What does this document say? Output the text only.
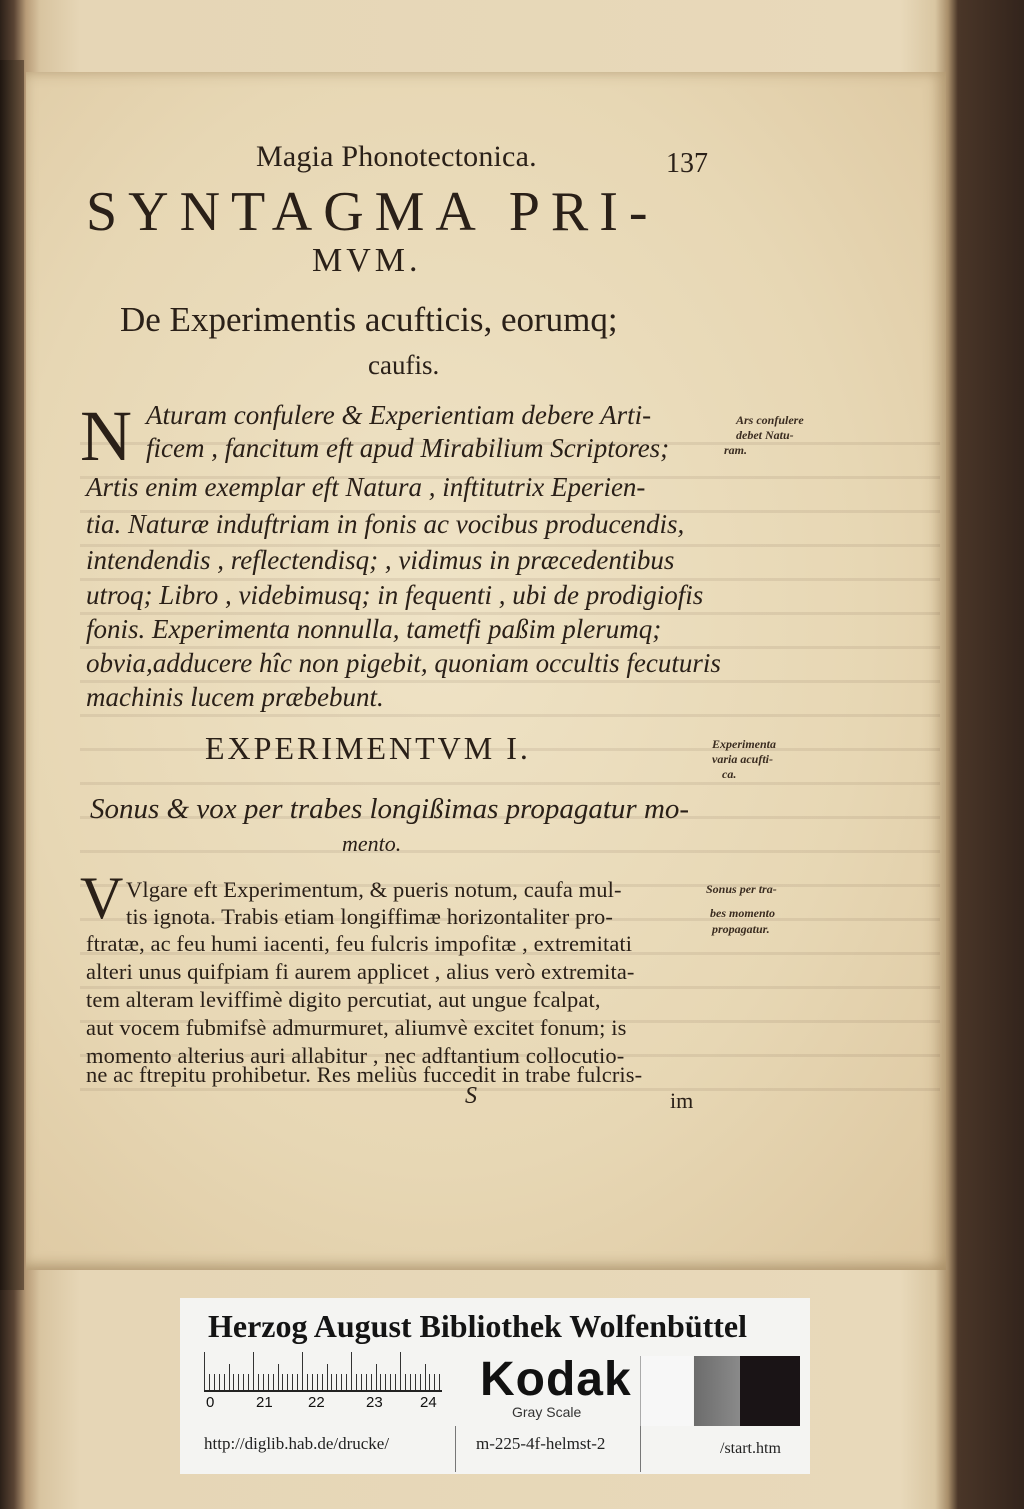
Magia Phonotectonica.	137
SYNTAGMA PRI-
MVM.
De Experimentis acufticis, eorumq;
caufis.
N Aturam confulere & Experientiam debere Arti-
ficem , fancitum eft apud Mirabilium Scriptores;
Artis enim exemplar eft Natura , inftitutrix Eperien-
tia. Naturæ induftriam in fonis ac vocibus producendis,
intendendis , reflectendisq; , vidimus in præcedentibus
utroq; Libro , videbimusq; in fequenti , ubi de prodigiofis
fonis. Experimenta nonnulla, tametfi paßim plerumq;
obvia,adducere hîc non pigebit, quoniam occultis fecuturis
machinis lucem præbebunt.
Ars confulere
debet Natu-
ram.
EXPERIMENTVM I.	Experimenta
varia acufti-
ca.
Sonus & vox per trabes longißimas propagatur mo-
mento.
V Vlgare eft Experimentum, & pueris notum, caufa mul-
tis ignota. Trabis etiam longiffimæ horizontaliter pro-
ftratæ, ac feu humi iacenti, feu fulcris impofitæ , extremitati
alteri unus quifpiam fi aurem applicet , alius verò extremita-
tem alteram leviffimè digito percutiat, aut ungue fcalpat,
aut vocem fubmifsè admurmuret, aliumvè excitet fonum; is
momento alterius auri allabitur , nec adftantium collocutio-
ne ac ftrepitu prohibetur. Res meliùs fuccedit in trabe fulcris-
Sonus per tra-
bes momento
propagatur.
S	im
Herzog August Bibliothek Wolfenbüttel
0	21 22	23 24 Kodak
Gray Scale
http://diglib.hab.de/drucke/	m-225-4f-helmst-2	/start.htm
